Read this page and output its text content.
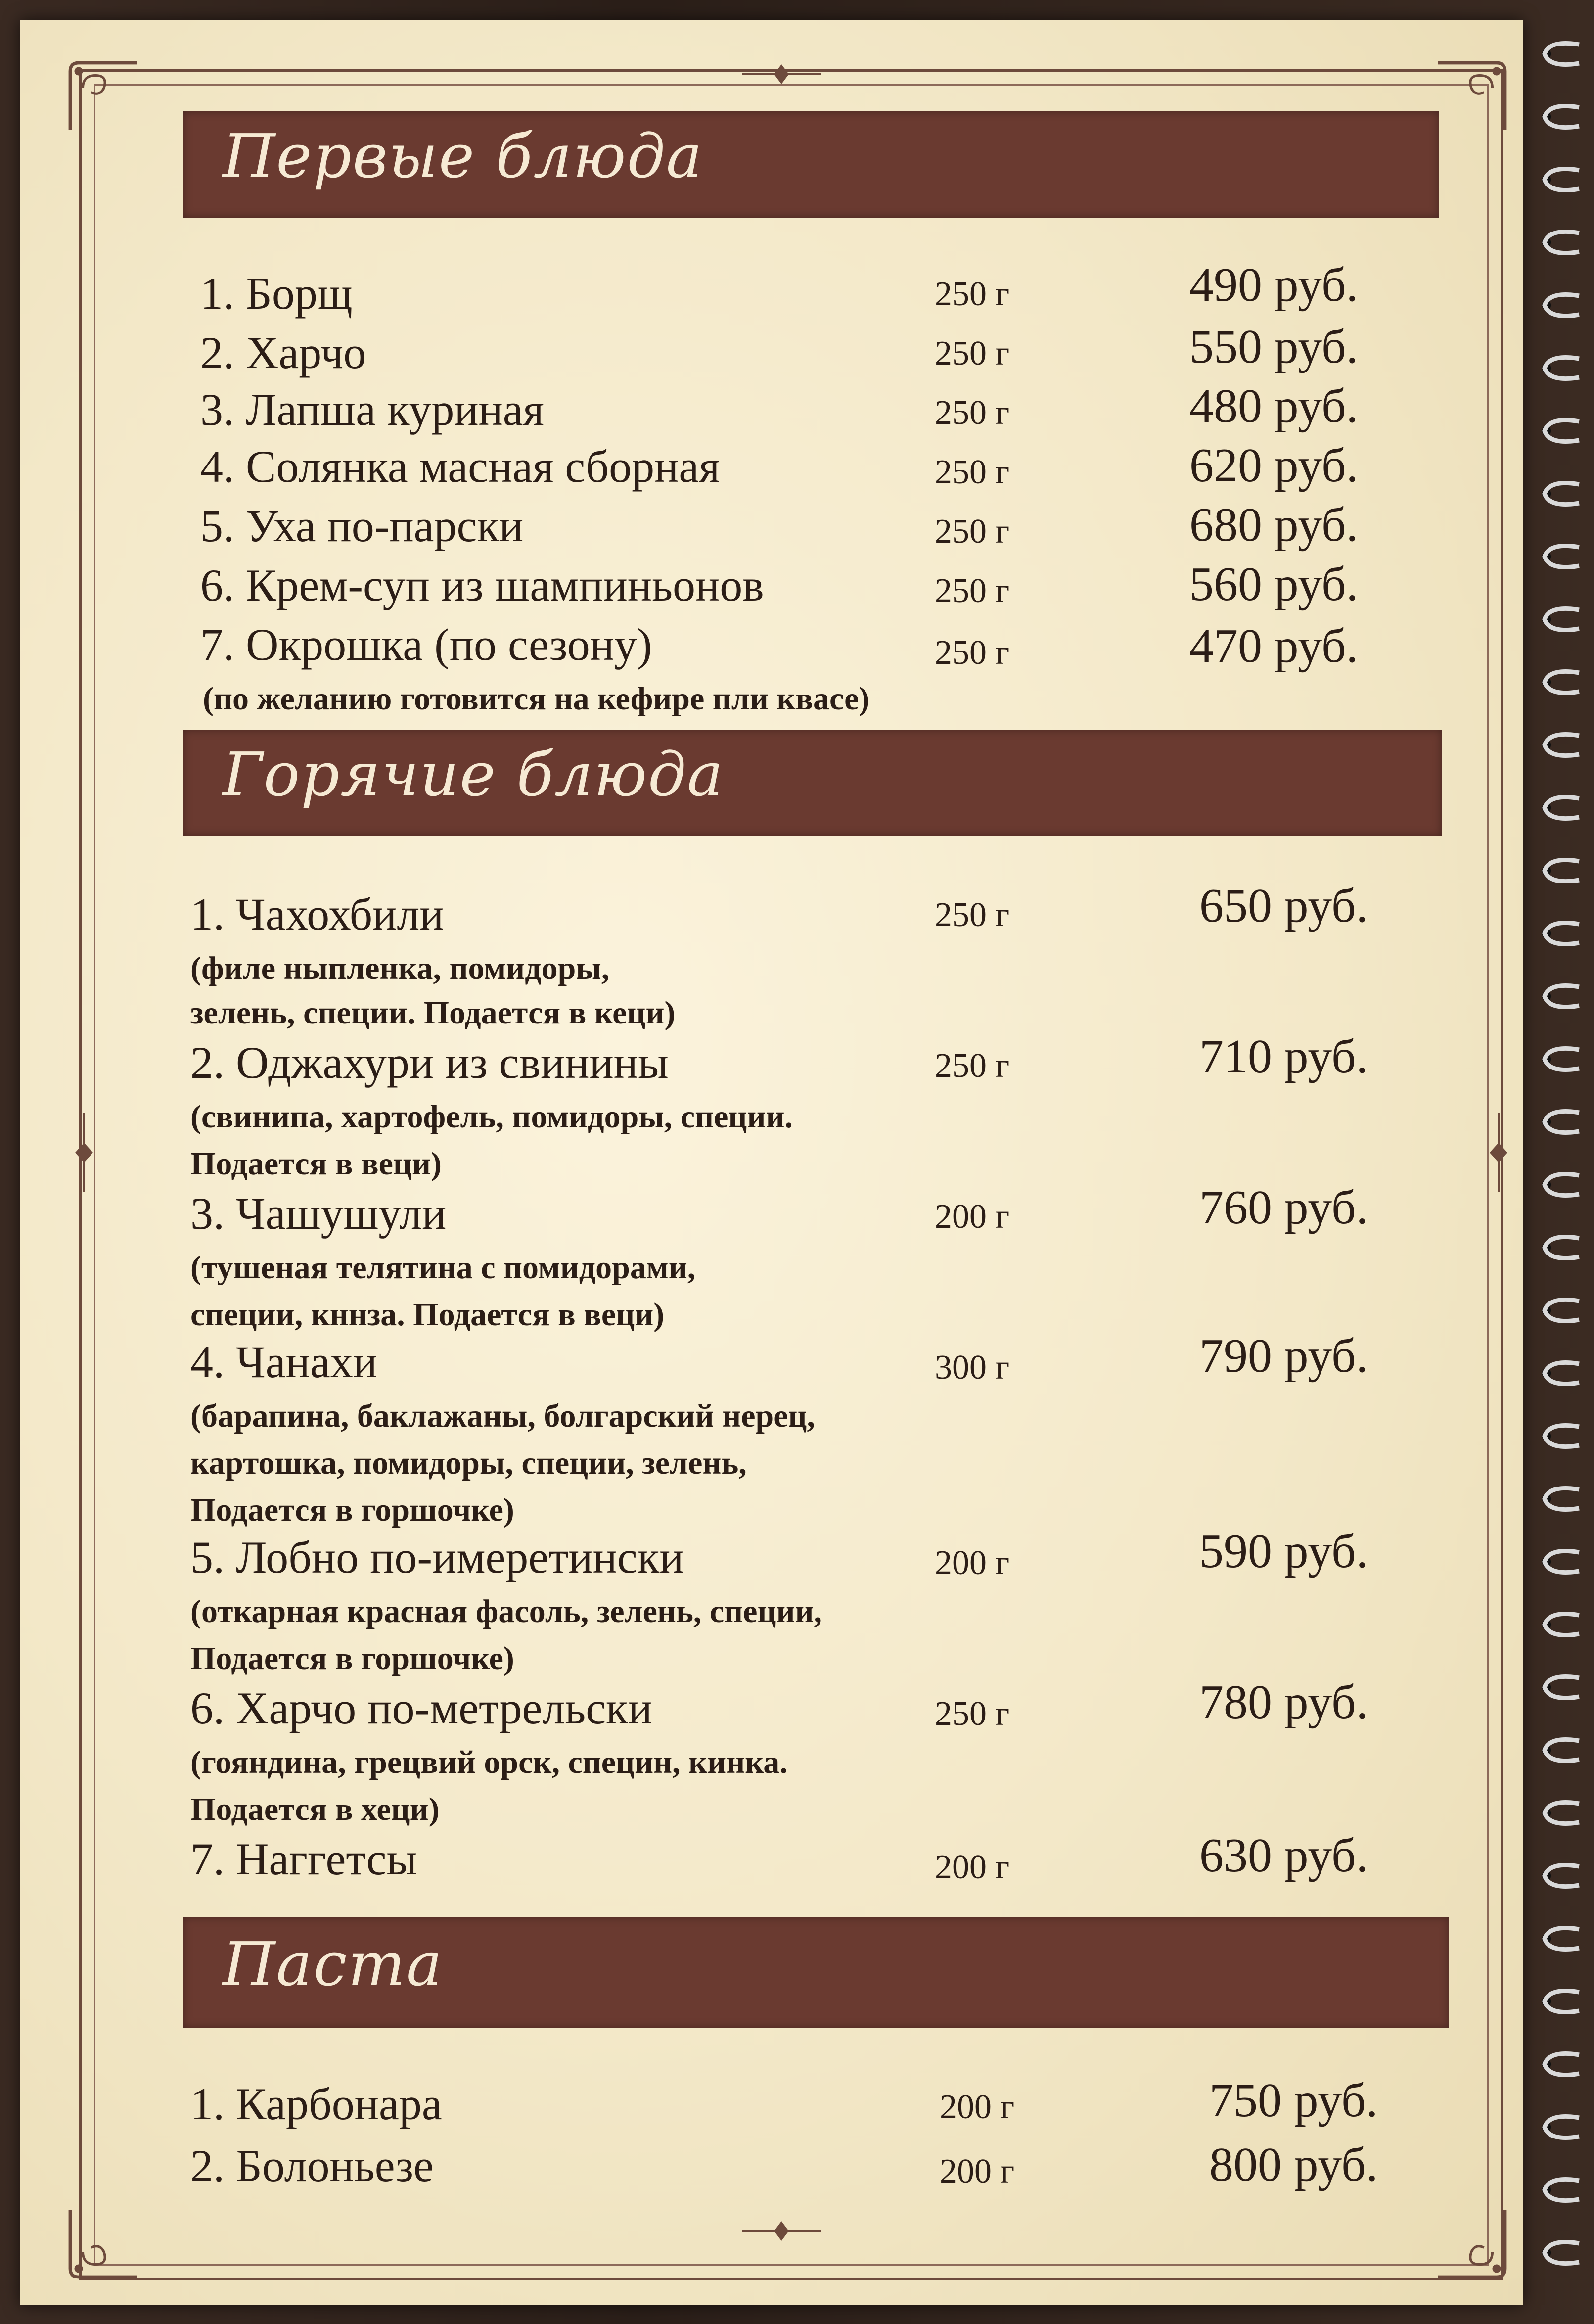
Первые блюда
1. Борщ	250 г	490 руб.
2. Харчо	250 г	550 руб.
3. Лапша куриная	250 г	480 руб.
4. Солянка масная сборная	250 г	620 руб.
5. Уха по-парски	250 г	680 руб.
6. Крем-суп из шампиньонов	250 г	560 руб.
7. Окрошка (по сезону)	250 г	470 руб.
(по желанию готовится на кефире пли квасе)
Горячие блюда
1. Чахохбили	250 г	650 руб.
(филе ныпленка, помидоры,
зелень, специи. Подается в кеци)
2. Оджахури из свинины	250 г	710 руб.
(свинипа, хартофель, помидоры, специи.
Подается в веци)
3. Чашушули	200 г	760 руб.
(тушеная телятина с помидорами,
специи, кннза. Подается в веци)
4. Чанахи	300 г	790 руб.
(барапина, баклажаны, болгарский нерец,
картошка, помидоры, специи, зелень,
Подается в горшочке)
5. Лобно по-имеретински	200 г	590 руб.
(откарная красная фасоль, зелень, специи,
Подается в горшочке)
6. Харчо по-метрельски	250 г	780 руб.
(гояндина, грецвий орск, специн, кинка.
Подается в хеци)
7. Наггетсы	200 г	630 руб.
Паста
1. Карбонара	200 г	750 руб.
2. Болоньезе	200 г	800 руб.
